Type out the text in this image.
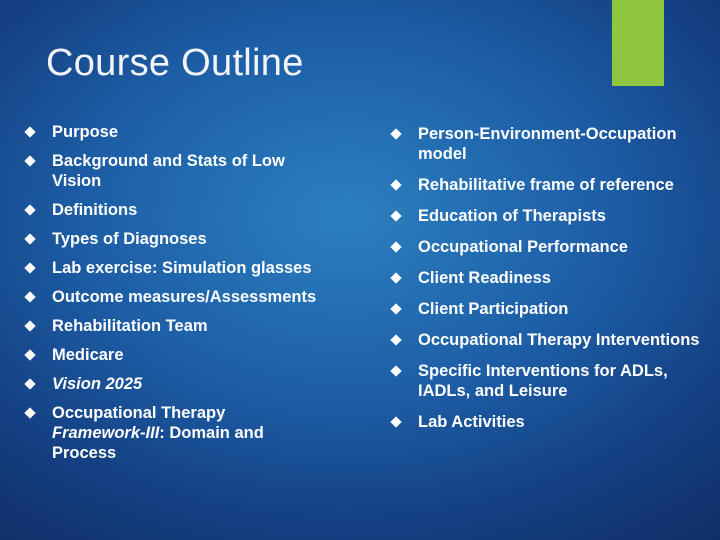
Course Outline
Purpose
Background and Stats of Low Vision
Definitions
Types of Diagnoses
Lab exercise: Simulation glasses
Outcome measures/Assessments
Rehabilitation Team
Medicare
Vision 2025
Occupational Therapy
Framework-III: Domain and Process
Person-Environment-Occupation model
Rehabilitative frame of reference
Education of Therapists
Occupational Performance
Client Readiness
Client Participation
Occupational Therapy Interventions
Specific Interventions for ADLs, IADLs, and Leisure
Lab Activities
